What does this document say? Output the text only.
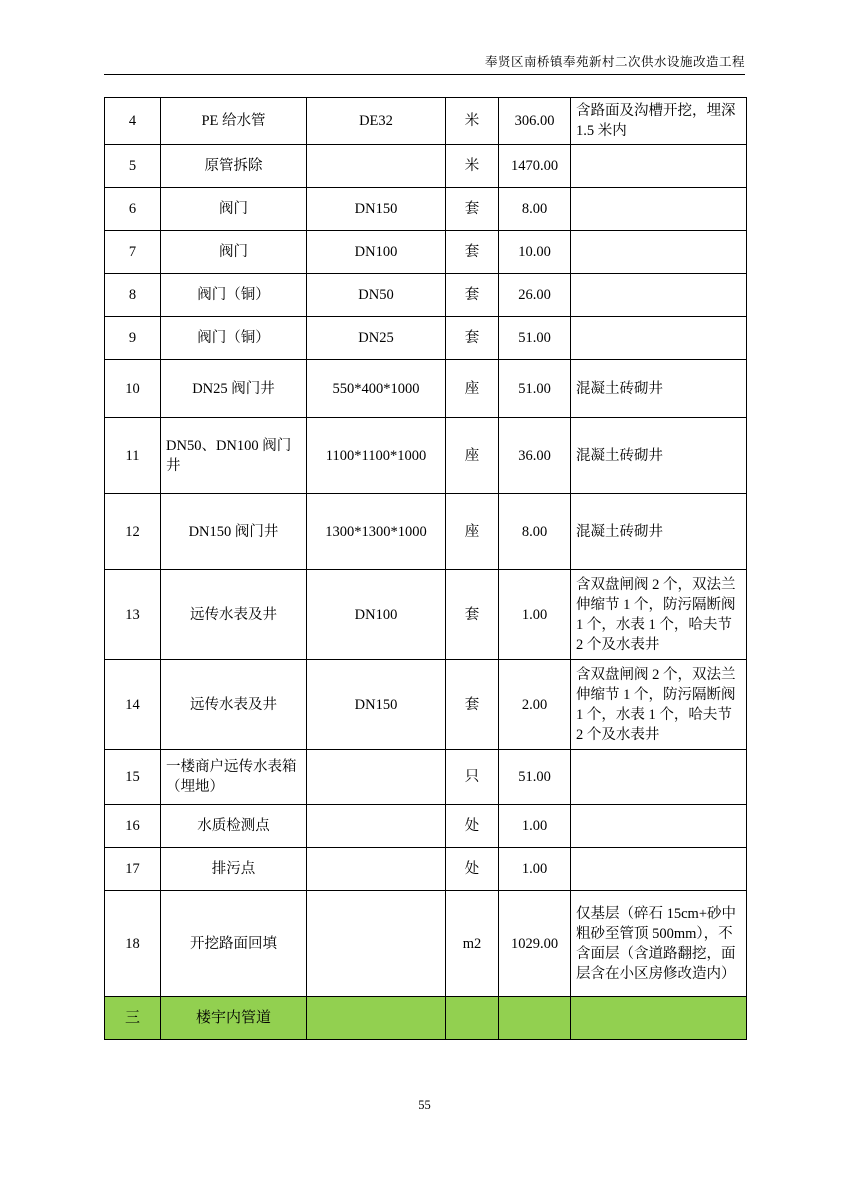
奉贤区南桥镇奉苑新村二次供水设施改造工程
4	PE 给水管	DE32	米	306.00	含路面及沟槽开挖，埋深 1.5 米内
5	原管拆除		米	1470.00	
6	阀门	DN150	套	8.00	
7	阀门	DN100	套	10.00	
8	阀门（铜）	DN50	套	26.00	
9	阀门（铜）	DN25	套	51.00	
10	DN25 阀门井	550*400*1000	座	51.00	混凝土砖砌井
11	DN50、DN100 阀门井	1100*1100*1000	座	36.00	混凝土砖砌井
12	DN150 阀门井	1300*1300*1000	座	8.00	混凝土砖砌井
13	远传水表及井	DN100	套	1.00	含双盘闸阀 2 个，双法兰伸缩节 1 个，防污隔断阀 1 个，水表 1 个，哈夫节 2 个及水表井
14	远传水表及井	DN150	套	2.00	含双盘闸阀 2 个，双法兰伸缩节 1 个，防污隔断阀 1 个，水表 1 个，哈夫节 2 个及水表井
15	一楼商户远传水表箱（埋地）		只	51.00	
16	水质检测点		处	1.00	
17	排污点		处	1.00	
18	开挖路面回填		m2	1029.00	仅基层（碎石 15cm+砂中粗砂至管顶 500mm），不含面层（含道路翻挖，面层含在小区房修改造内）
三	楼宇内管道				
55
